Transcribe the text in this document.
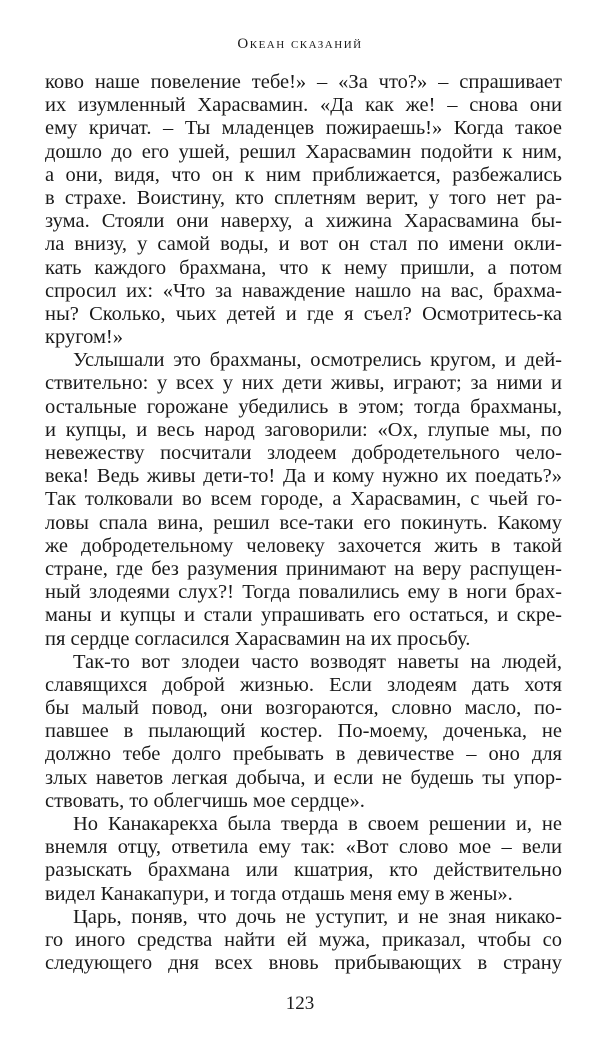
Океан сказаний
ково наше повеление тебе!» – «За что?» – спрашивает
их изумленный Харасвамин. «Да как же! – снова они
ему кричат. – Ты младенцев пожираешь!» Когда такое
дошло до его ушей, решил Харасвамин подойти к ним,
а они, видя, что он к ним приближается, разбежались
в страхе. Воистину, кто сплетням верит, у того нет ра-
зума. Стояли они наверху, а хижина Харасвамина бы-
ла внизу, у самой воды, и вот он стал по имени окли-
кать каждого брахмана, что к нему пришли, а потом
спросил их: «Что за наваждение нашло на вас, брахма-
ны? Сколько, чьих детей и где я съел? Осмотритесь-ка
кругом!»
Услышали это брахманы, осмотрелись кругом, и дей-
ствительно: у всех у них дети живы, играют; за ними и
остальные горожане убедились в этом; тогда брахманы,
и купцы, и весь народ заговорили: «Ох, глупые мы, по
невежеству посчитали злодеем добродетельного чело-
века! Ведь живы дети-то! Да и кому нужно их поедать?»
Так толковали во всем городе, а Харасвамин, с чьей го-
ловы спала вина, решил все-таки его покинуть. Какому
же добродетельному человеку захочется жить в такой
стране, где без разумения принимают на веру распущен-
ный злодеями слух?! Тогда повалились ему в ноги брах-
маны и купцы и стали упрашивать его остаться, и скре-
пя сердце согласился Харасвамин на их просьбу.
Так-то вот злодеи часто возводят наветы на людей,
славящихся доброй жизнью. Если злодеям дать хотя
бы малый повод, они возгораются, словно масло, по-
павшее в пылающий костер. По-моему, доченька, не
должно тебе долго пребывать в девичестве – оно для
злых наветов легкая добыча, и если не будешь ты упор-
ствовать, то облегчишь мое сердце».
Но Канакарекха была тверда в своем решении и, не
внемля отцу, ответила ему так: «Вот слово мое – вели
разыскать брахмана или кшатрия, кто действительно
видел Канакапури, и тогда отдашь меня ему в жены».
Царь, поняв, что дочь не уступит, и не зная никако-
го иного средства найти ей мужа, приказал, чтобы со
следующего дня всех вновь прибывающих в страну
123
